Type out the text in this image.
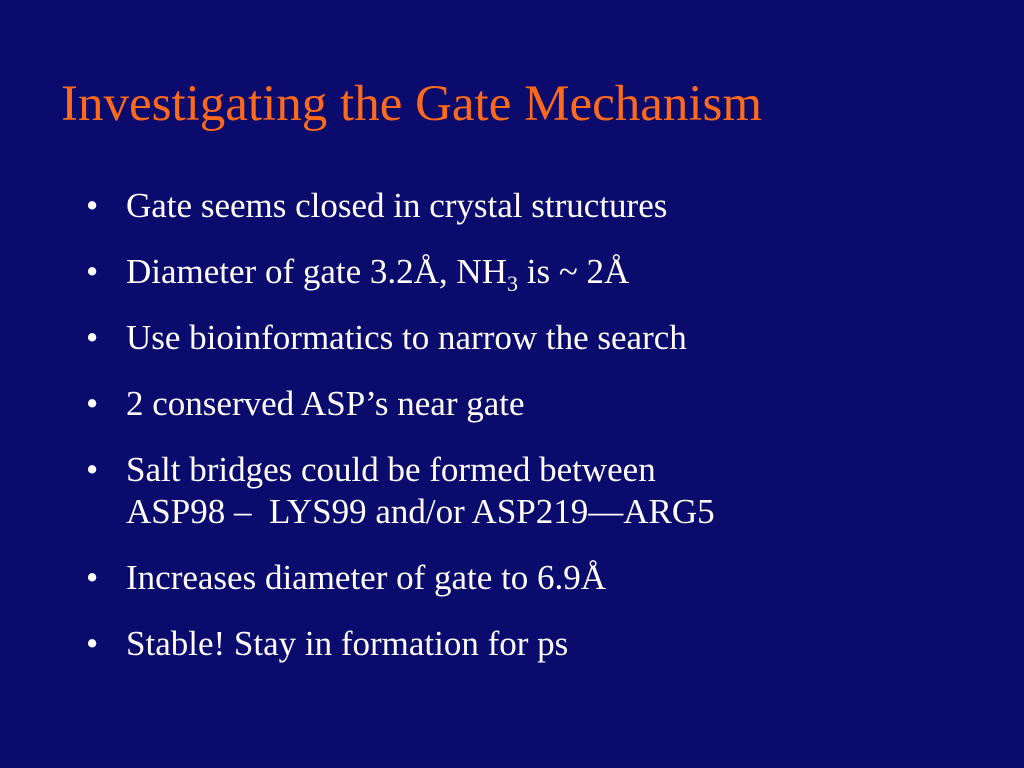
Investigating the Gate Mechanism
• Gate seems closed in crystal structures
• Diameter of gate 3.2Å, $NH_3$ is ~ 2Å
• Use bioinformatics to narrow the search
• 2 conserved ASP’s near gate
• Salt bridges could be formed between
ASP98 –  LYS99 and/or ASP219—ARG5
• Increases diameter of gate to 6.9Å
• Stable! Stay in formation for ps
